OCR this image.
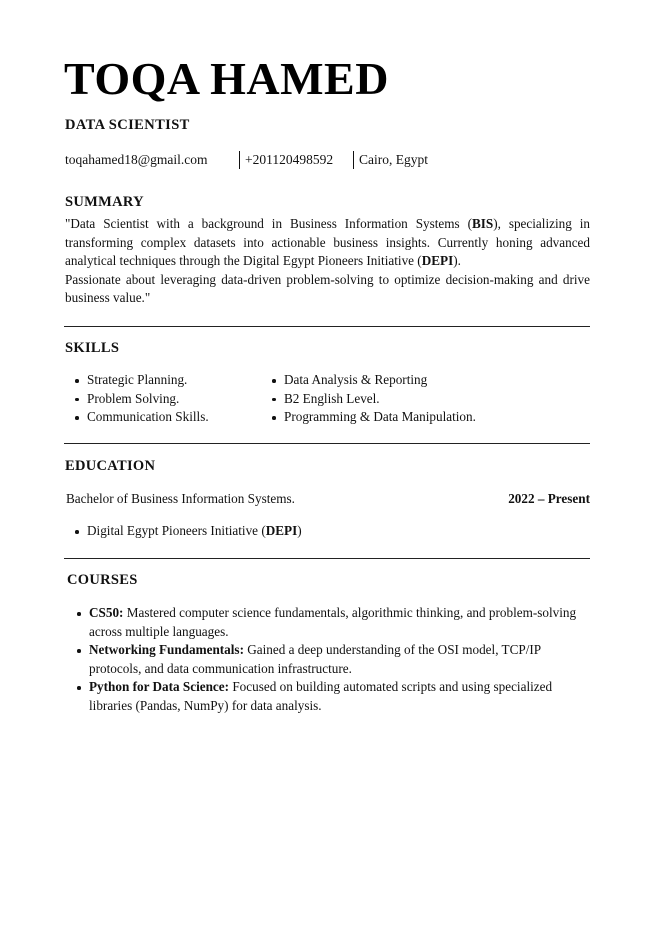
TOQA HAMED
DATA SCIENTIST
toqahamed18@gmail.com	+201120498592	Cairo, Egypt
SUMMARY

"Data Scientist with a background in Business Information Systems (BIS), specializing in transforming complex datasets into actionable business insights. Currently honing advanced analytical techniques through the Digital Egypt Pioneers Initiative (DEPI).

Passionate about leveraging data-driven problem-solving to optimize decision-making and drive business value."

SKILLS
Strategic Planning.
Problem Solving.
Communication Skills.
Data Analysis & Reporting
B2 English Level.
Programming & Data Manipulation.
EDUCATION
Bachelor of Business Information Systems.	2022 – Present
Digital Egypt Pioneers Initiative (DEPI)
COURSES
CS50: Mastered computer science fundamentals, algorithmic thinking, and problem-solving across multiple languages.
Networking Fundamentals: Gained a deep understanding of the OSI model, TCP/IP protocols, and data communication infrastructure.
Python for Data Science: Focused on building automated scripts and using specialized libraries (Pandas, NumPy) for data analysis.
